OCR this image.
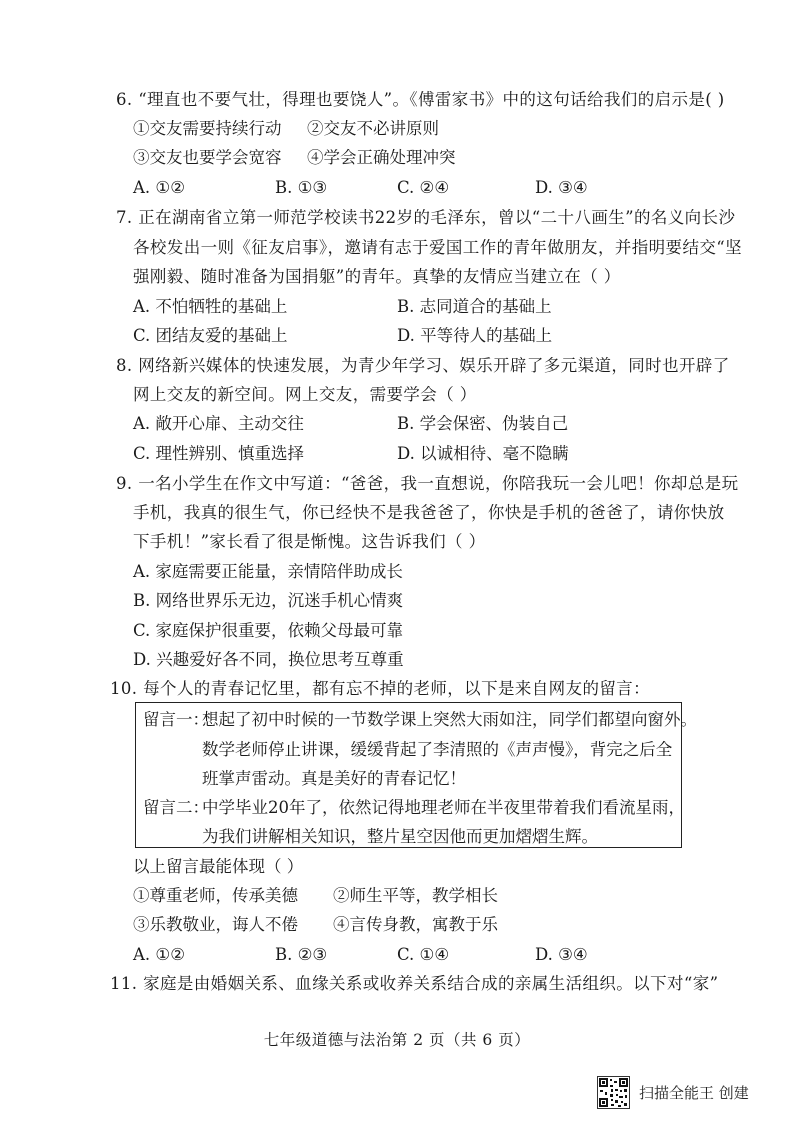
6. “理直也不要气壮，得理也要饶人”。《傅雷家书》中的这句话给我们的启示是( )
①交友需要持续行动 ②交友不必讲原则
③交友也要学会宽容 ④学会正确处理冲突
A. ①②	B. ①③	C. ②④	D. ③④
7. 正在湖南省立第一师范学校读书22岁的毛泽东，曾以“二十八画生”的名义向长沙
各校发出一则《征友启事》，邀请有志于爱国工作的青年做朋友，并指明要结交“坚
强刚毅、随时准备为国捐躯”的青年。真挚的友情应当建立在（ ）
A. 不怕牺牲的基础上	B. 志同道合的基础上
C. 团结友爱的基础上	D. 平等待人的基础上
8. 网络新兴媒体的快速发展，为青少年学习、娱乐开辟了多元渠道，同时也开辟了
网上交友的新空间。网上交友，需要学会（ ）
A. 敞开心扉、主动交往	B. 学会保密、伪装自己
C. 理性辨别、慎重选择	D. 以诚相待、毫不隐瞒
9. 一名小学生在作文中写道：“爸爸，我一直想说，你陪我玩一会儿吧！你却总是玩
手机，我真的很生气，你已经快不是我爸爸了，你快是手机的爸爸了，请你快放
下手机！”家长看了很是惭愧。这告诉我们（ ）
A. 家庭需要正能量，亲情陪伴助成长
B. 网络世界乐无边，沉迷手机心情爽
C. 家庭保护很重要，依赖父母最可靠
D. 兴趣爱好各不同，换位思考互尊重
10. 每个人的青春记忆里，都有忘不掉的老师，以下是来自网友的留言：
留言一：
想起了初中时候的一节数学课上突然大雨如注，同学们都望向窗外。
数学老师停止讲课，缓缓背起了李清照的《声声慢》，背完之后全
班掌声雷动。真是美好的青春记忆！
留言二：
中学毕业20年了，依然记得地理老师在半夜里带着我们看流星雨，
为我们讲解相关知识，整片星空因他而更加熠熠生辉。
以上留言最能体现（ ）
①尊重老师，传承美德 ②师生平等，教学相长
③乐教敬业，诲人不倦 ④言传身教，寓教于乐
A. ①②	B. ②③	C. ①④	D. ③④
11. 家庭是由婚姻关系、血缘关系或收养关系结合成的亲属生活组织。以下对“家”
七年级道德与法治第 2 页（共 6 页）
扫描全能王 创建
